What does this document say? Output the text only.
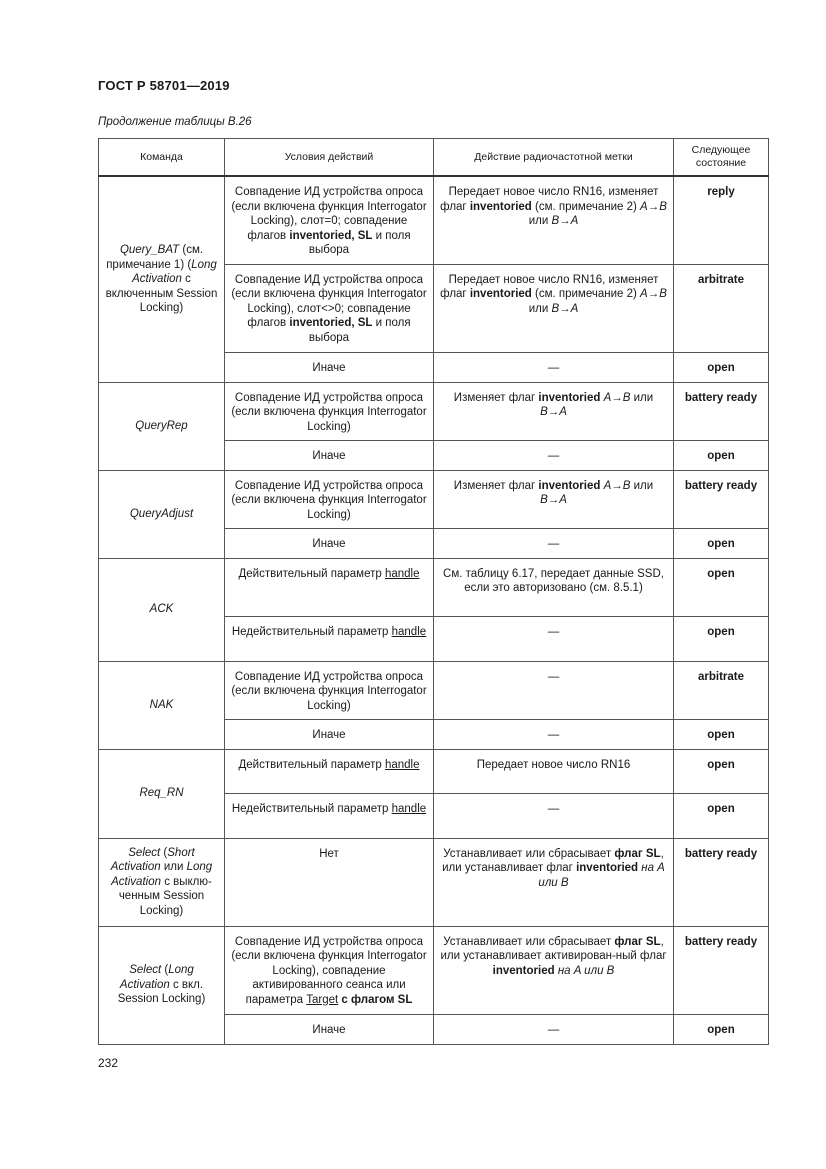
ГОСТ Р 58701—2019
Продолжение таблицы В.26
Команда	Условия действий	Действие радиочастотной метки	Следующее состояние
Query_BAT (см. примечание 1) (Long Activation с включенным Session Locking)	Совпадение ИД устройства опроса (если включена функция Interrogator Locking), слот=0; совпадение флагов inventoried, SL и поля выбора	Передает новое число RN16, изменяет флаг inventoried (см. примечание 2) A→B или B→A	reply
	Совпадение ИД устройства опроса (если включена функция Interrogator Locking), слот<>0; совпадение флагов inventoried, SL и поля выбора	Передает новое число RN16, изменяет флаг inventoried (см. примечание 2) A→B или B→A	arbitrate
	Иначе	—	open
QueryRep	Совпадение ИД устройства опроса (если включена функция Interrogator Locking)	Изменяет флаг inventoried A→B или B→A	battery ready
	Иначе	—	open
QueryAdjust	Совпадение ИД устройства опроса (если включена функция Interrogator Locking)	Изменяет флаг inventoried A→B или B→A	battery ready
	Иначе	—	open
ACK	Действительный параметр handle	См. таблицу 6.17, передает данные SSD, если это авторизовано (см. 8.5.1)	open
	Недействительный параметр handle	—	open
NAK	Совпадение ИД устройства опроса (если включена функция Interrogator Locking)	—	arbitrate
	Иначе	—	open
Req_RN	Действительный параметр handle	Передает новое число RN16	open
	Недействительный параметр handle	—	open
Select (Short Activation или Long Activation с выклю-ченным Session Locking)	Нет	Устанавливает или сбрасывает флаг SL, или устанавливает флаг inventoried на A или B	battery ready
Select (Long Activation с вкл. Session Locking)	Совпадение ИД устройства опроса (если включена функция Interrogator Locking), совпадение активированного сеанса или параметра Target с флагом SL	Устанавливает или сбрасывает флаг SL, или устанавливает активирован-ный флаг inventoried на A или B	battery ready
	Иначе	—	open
232
